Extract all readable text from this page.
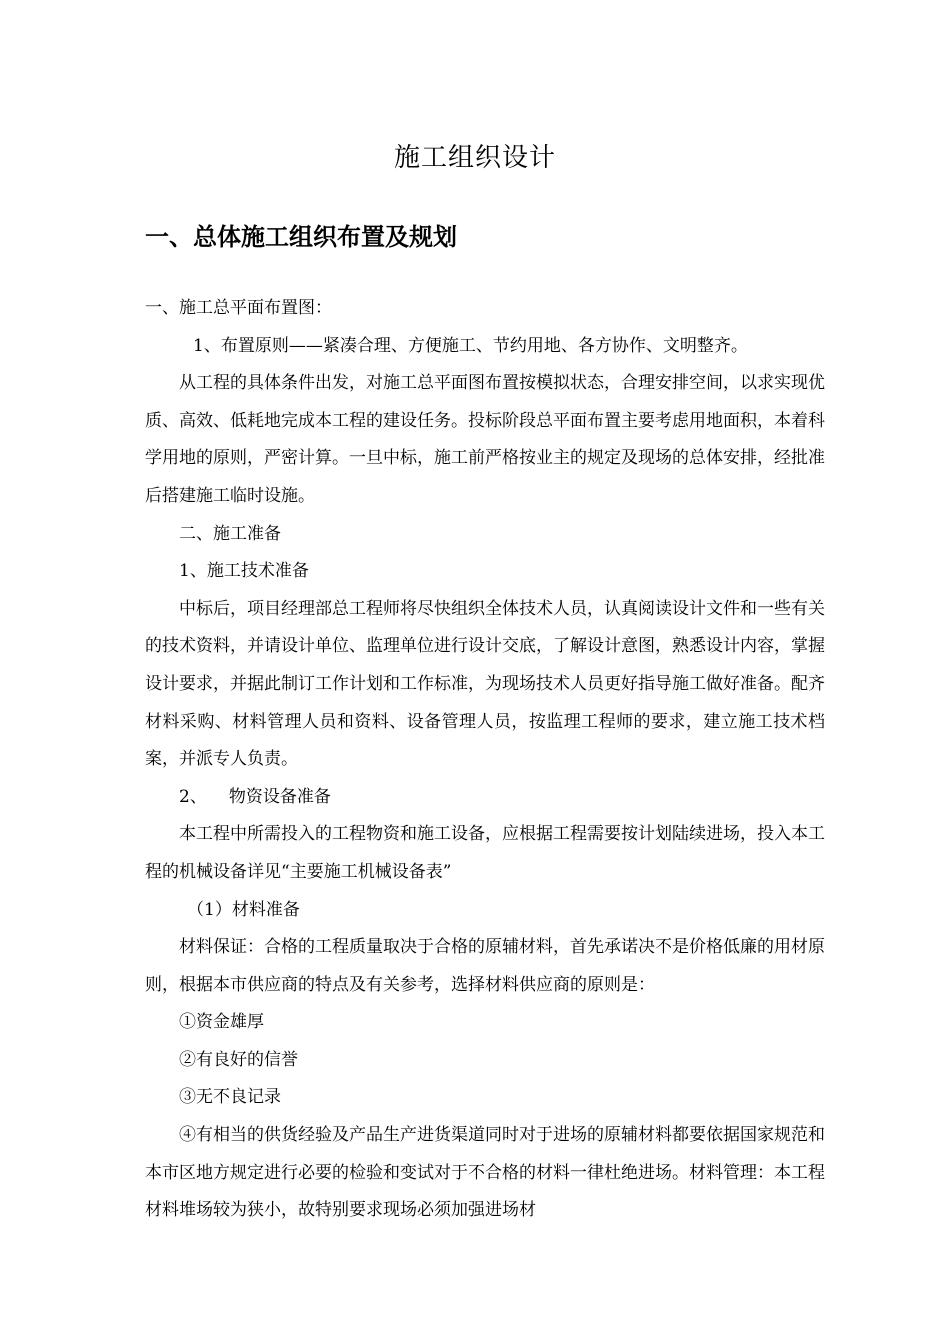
施工组织设计
一、总体施工组织布置及规划

一、施工总平面布置图：

1、布置原则——紧凑合理、方便施工、节约用地、各方协作、文明整齐。

从工程的具体条件出发，对施工总平面图布置按模拟状态，合理安排空间，以求实现优质、高效、低耗地完成本工程的建设任务。投标阶段总平面布置主要考虑用地面积，本着科学用地的原则，严密计算。一旦中标，施工前严格按业主的规定及现场的总体安排，经批准后搭建施工临时设施。

二、施工准备

1、施工技术准备

中标后，项目经理部总工程师将尽快组织全体技术人员，认真阅读设计文件和一些有关的技术资料，并请设计单位、监理单位进行设计交底，了解设计意图，熟悉设计内容，掌握设计要求，并据此制订工作计划和工作标准，为现场技术人员更好指导施工做好准备。配齐材料采购、材料管理人员和资料、设备管理人员，按监理工程师的要求，建立施工技术档案，并派专人负责。

2、 物资设备准备

本工程中所需投入的工程物资和施工设备，应根据工程需要按计划陆续进场，投入本工程的机械设备详见“主要施工机械设备表”

（1）材料准备

材料保证：合格的工程质量取决于合格的原辅材料，首先承诺决不是价格低廉的用材原则，根据本市供应商的特点及有关参考，选择材料供应商的原则是：

①资金雄厚

②有良好的信誉

③无不良记录

④有相当的供货经验及产品生产进货渠道同时对于进场的原辅材料都要依据国家规范和本市区地方规定进行必要的检验和变试对于不合格的材料一律杜绝进场。材料管理：本工程材料堆场较为狭小，故特别要求现场必须加强进场材
